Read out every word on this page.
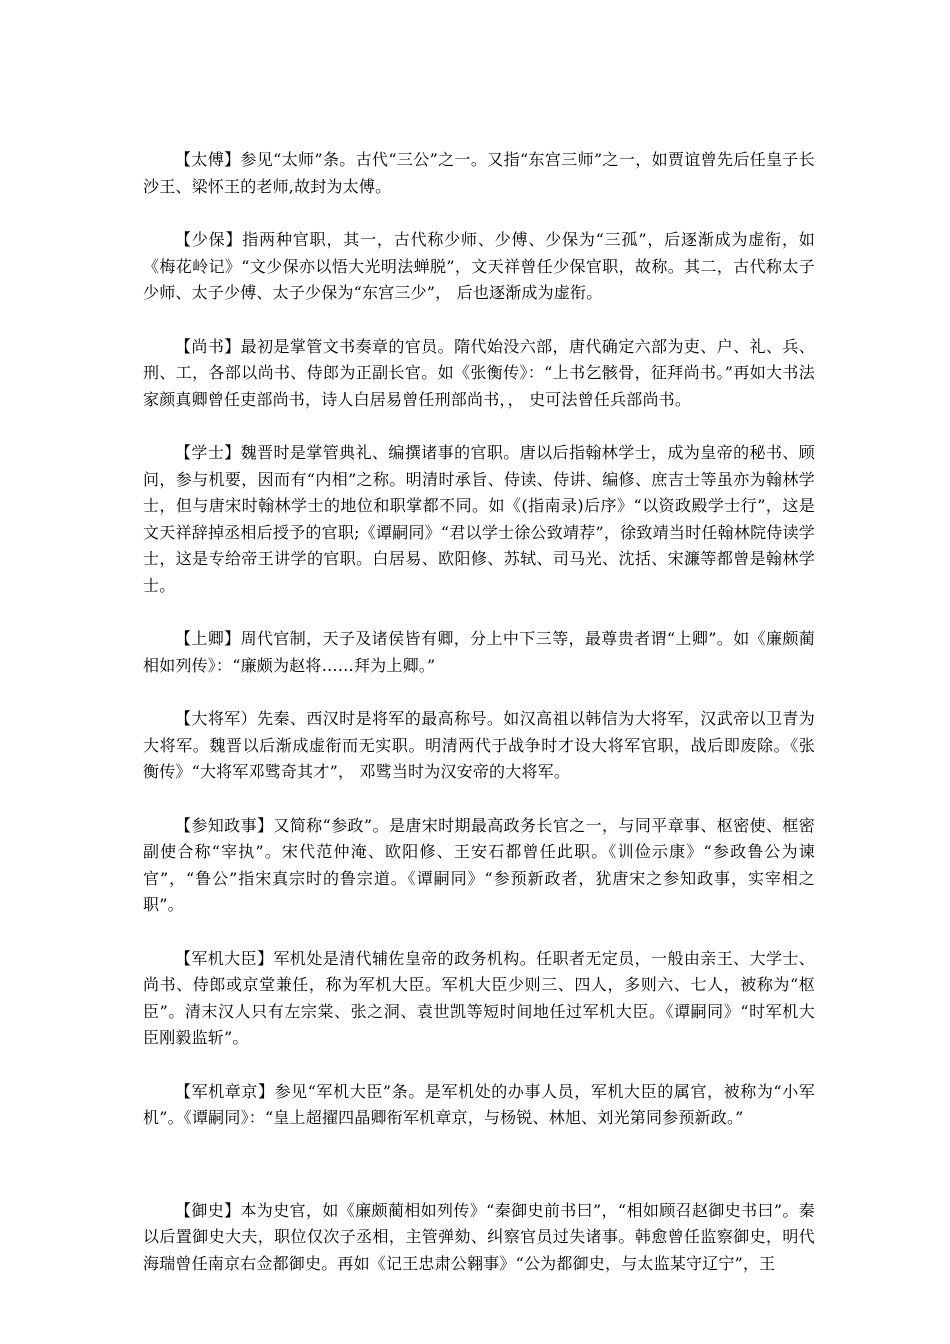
【太傅】参见“太师”条。古代“三公”之一。又指“东宫三师”之一，如贾谊曾先后任皇子长沙王、梁怀王的老师,故封为太傅。

【少保】指两种官职，其一，古代称少师、少傅、少保为“三孤”，后逐渐成为虚衔，如《梅花岭记》“文少保亦以悟大光明法蝉脱”，文天祥曾任少保官职，故称。其二，古代称太子少师、太子少傅、太子少保为“东宫三少”， 后也逐渐成为虚衔。

【尚书】最初是掌管文书奏章的官员。隋代始没六部，唐代确定六部为吏、户、礼、兵、刑、工，各部以尚书、侍郎为正副长官。如《张衡传》：“上书乞骸骨，征拜尚书。”再如大书法家颜真卿曾任吏部尚书，诗人白居易曾任刑部尚书，， 史可法曾任兵部尚书。

【学士】魏晋时是掌管典礼、编撰诸事的官职。唐以后指翰林学士，成为皇帝的秘书、顾问，参与机要，因而有“内相”之称。明清时承旨、侍读、侍讲、编修、庶吉士等虽亦为翰林学士，但与唐宋时翰林学士的地位和职掌都不同。如《(指南录)后序》“以资政殿学士行”，这是文天祥辞掉丞相后授予的官职;《谭嗣同》“君以学士徐公致靖荐”，徐致靖当时任翰林院侍读学士，这是专给帝王讲学的官职。白居易、欧阳修、苏轼、司马光、沈括、宋濂等都曾是翰林学士。

【上卿】周代官制，天子及诸侯皆有卿，分上中下三等，最尊贵者谓“上卿”。如《廉颇蔺相如列传》：“廉颇为赵将……拜为上卿。”

【大将军）先秦、西汉时是将军的最高称号。如汉高祖以韩信为大将军，汉武帝以卫青为大将军。魏晋以后渐成虚衔而无实职。明清两代于战争时才设大将军官职，战后即废除。《张衡传》“大将军邓骘奇其才”， 邓骘当时为汉安帝的大将军。

【参知政事】又简称“参政”。是唐宋时期最高政务长官之一，与同平章事、枢密使、框密副使合称“宰执”。宋代范仲淹、欧阳修、王安石都曾任此职。《训俭示康》“参政鲁公为谏官”，“鲁公”指宋真宗时的鲁宗道。《谭嗣同》“参预新政者，犹唐宋之参知政事，实宰相之职”。

【军机大臣】军机处是清代辅佐皇帝的政务机构。任职者无定员，一般由亲王、大学士、尚书、侍郎或京堂兼任，称为军机大臣。军机大臣少则三、四人，多则六、七人，被称为“枢臣”。清末汉人只有左宗棠、张之洞、袁世凯等短时间地任过军机大臣。《谭嗣同》“时军机大臣刚毅监斩”。

【军机章京】参见“军机大臣”条。是军机处的办事人员，军机大臣的属官，被称为“小军机”。《谭嗣同》：“皇上超擢四晶卿衔军机章京，与杨锐、林旭、刘光第同参预新政。”

【御史】本为史官，如《廉颇蔺相如列传》“秦御史前书曰”，“相如顾召赵御史书曰”。秦以后置御史大夫，职位仅次子丞相，主管弹劾、纠察官员过失诸事。韩愈曾任监察御史，明代海瑞曾任南京右佥都御史。再如《记王忠肃公翱事》“公为都御史，与太监某守辽宁”，王
